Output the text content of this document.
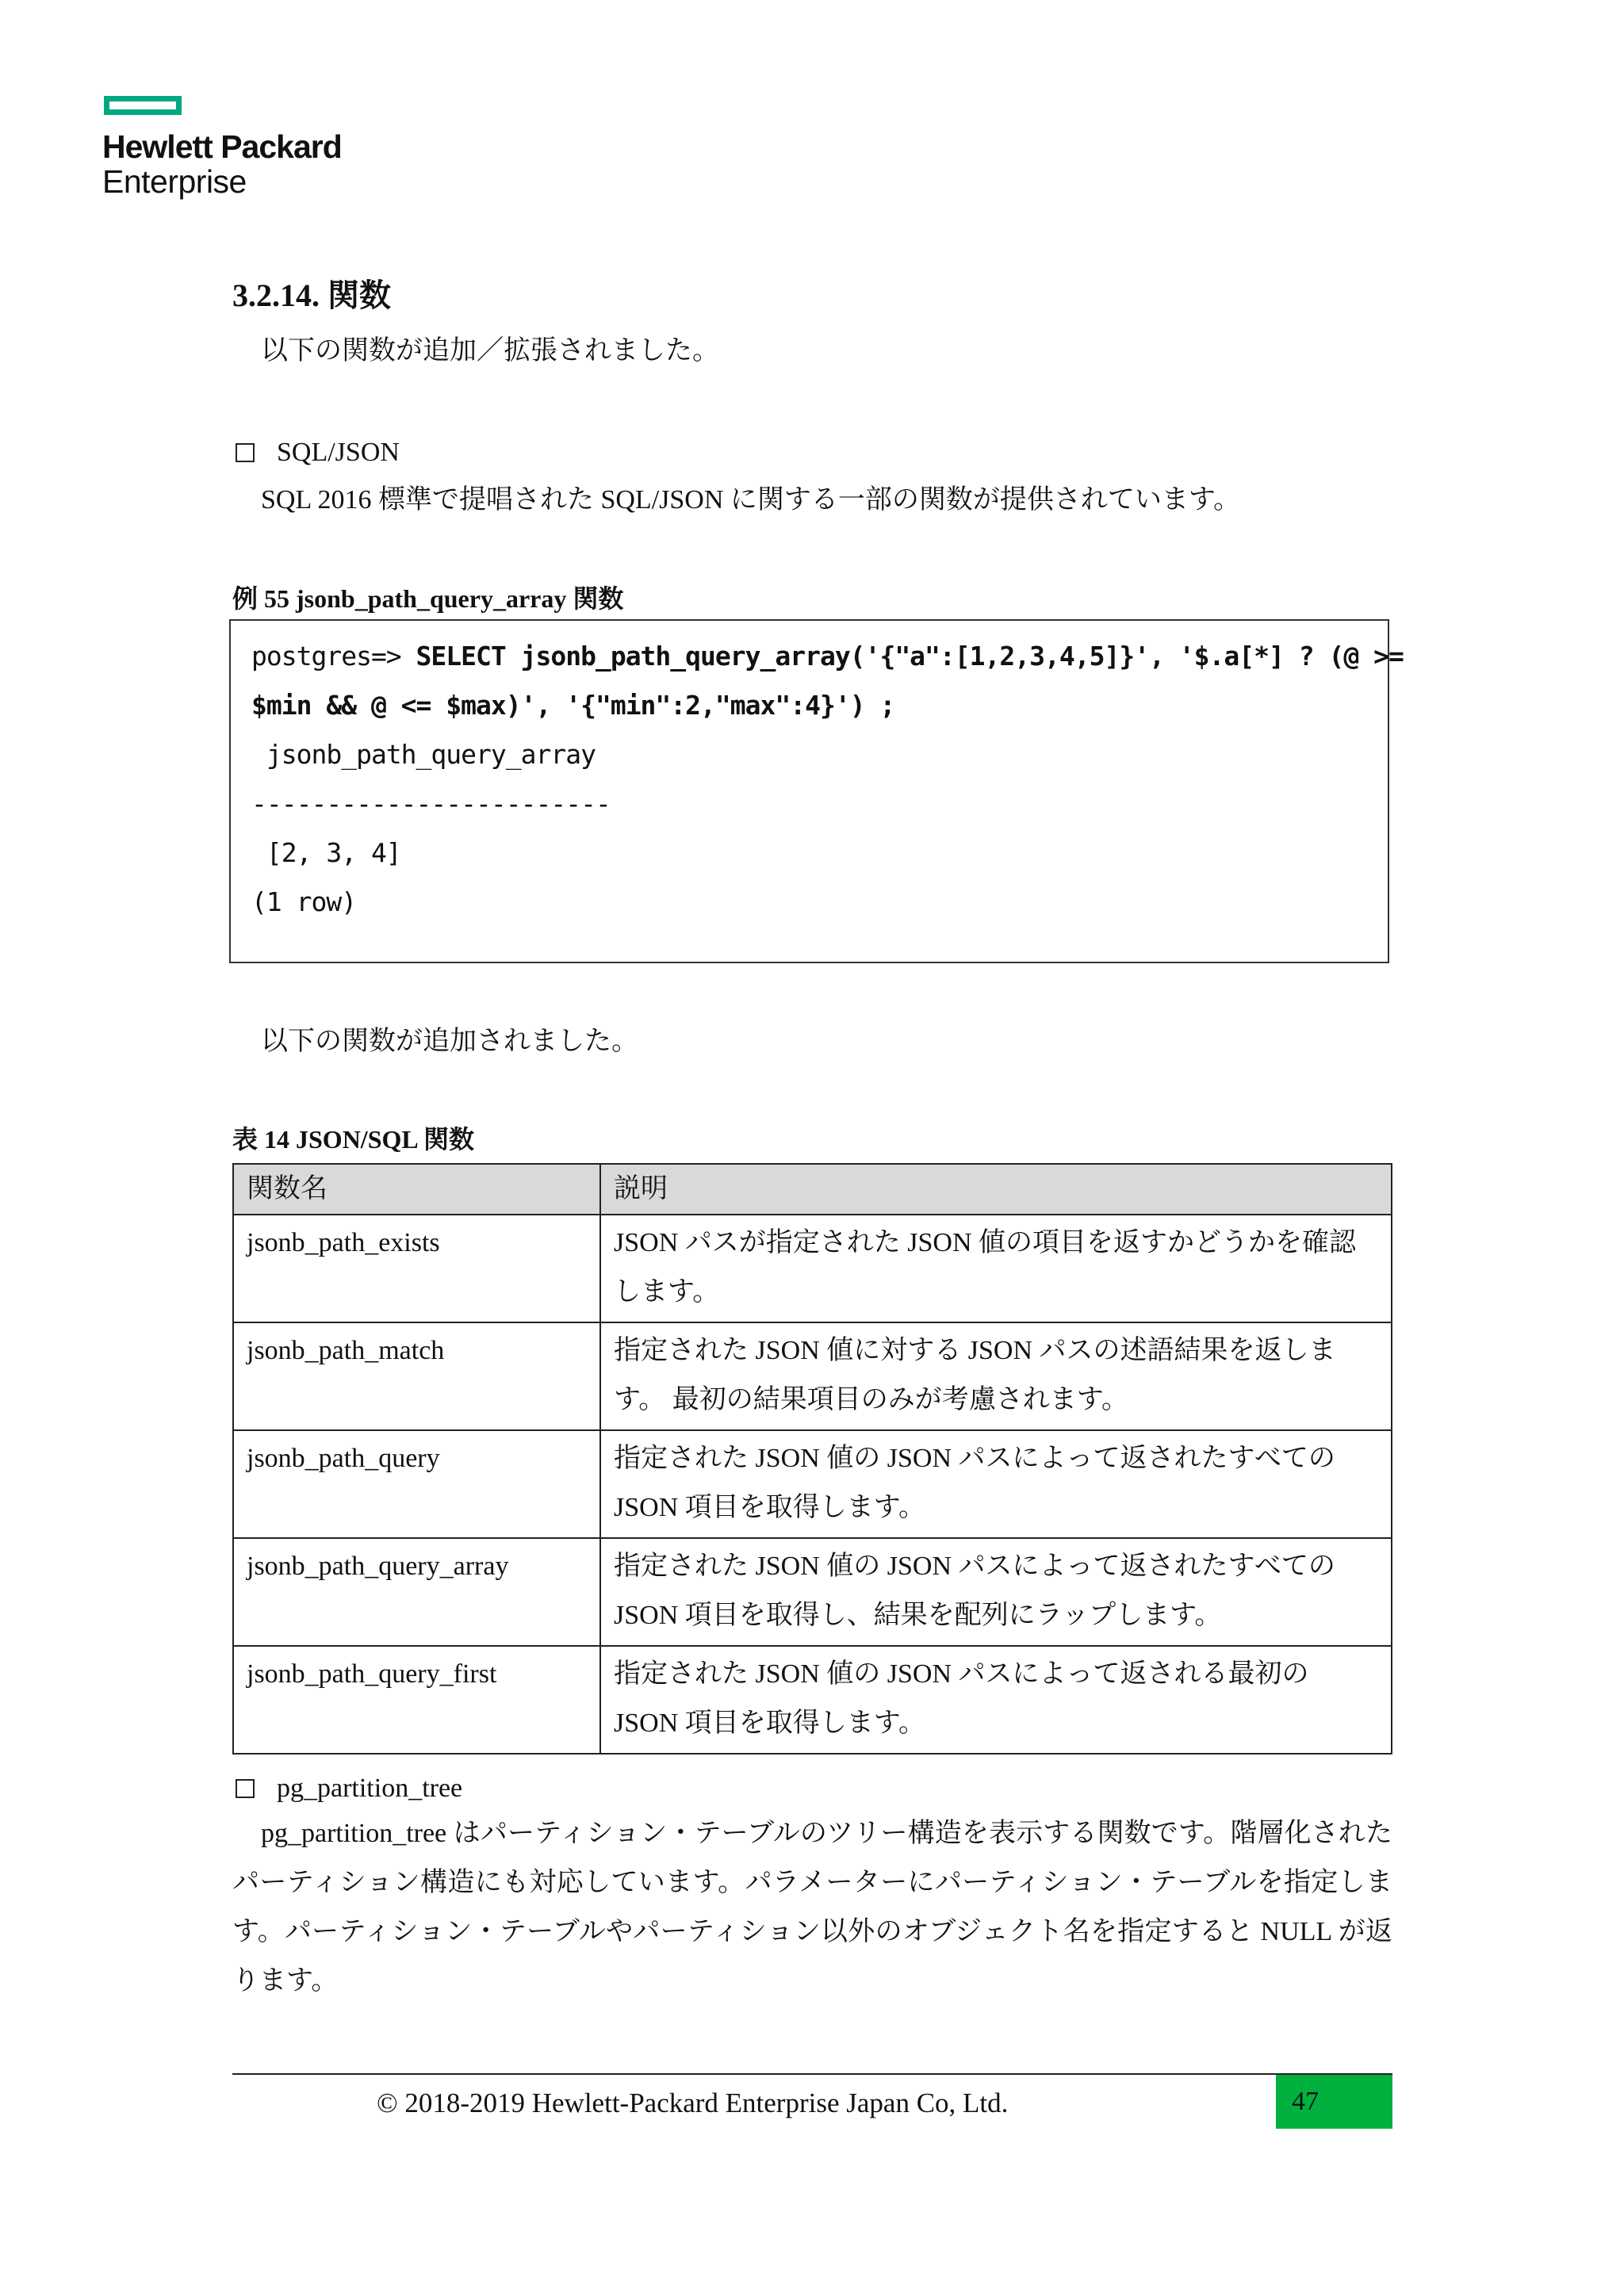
Hewlett Packard
Enterprise
3.2.14. 関数
以下の関数が追加／拡張されました。
SQL/JSON
SQL 2016 標準で提唱された SQL/JSON に関する一部の関数が提供されています。
例 55 jsonb_path_query_array 関数
postgres=> SELECT jsonb_path_query_array('{"a":[1,2,3,4,5]}', '$.a[*] ? (@ >=
$min && @ <= $max)', '{"min":2,"max":4}') ;
jsonb_path_query_array
------------------------
[2, 3, 4]
(1 row)
以下の関数が追加されました。
表 14 JSON/SQL 関数
関数名	説明
jsonb_path_exists	JSON パスが指定された JSON 値の項目を返すかどうかを確認します。
jsonb_path_match	指定された JSON 値に対する JSON パスの述語結果を返します。 最初の結果項目のみが考慮されます。
jsonb_path_query	指定された JSON 値の JSON パスによって返されたすべての JSON 項目を取得します。
jsonb_path_query_array	指定された JSON 値の JSON パスによって返されたすべての JSON 項目を取得し、結果を配列にラップします。
jsonb_path_query_first	指定された JSON 値の JSON パスによって返される最初の JSON 項目を取得します。
pg_partition_tree
pg_partition_tree はパーティション・テーブルのツリー構造を表示する関数です。階層化されたパーティション構造にも対応しています。パラメーターにパーティション・テーブルを指定します。パーティション・テーブルやパーティション以外のオブジェクト名を指定すると NULL が返ります。
© 2018-2019 Hewlett-Packard Enterprise Japan Co, Ltd.	47
